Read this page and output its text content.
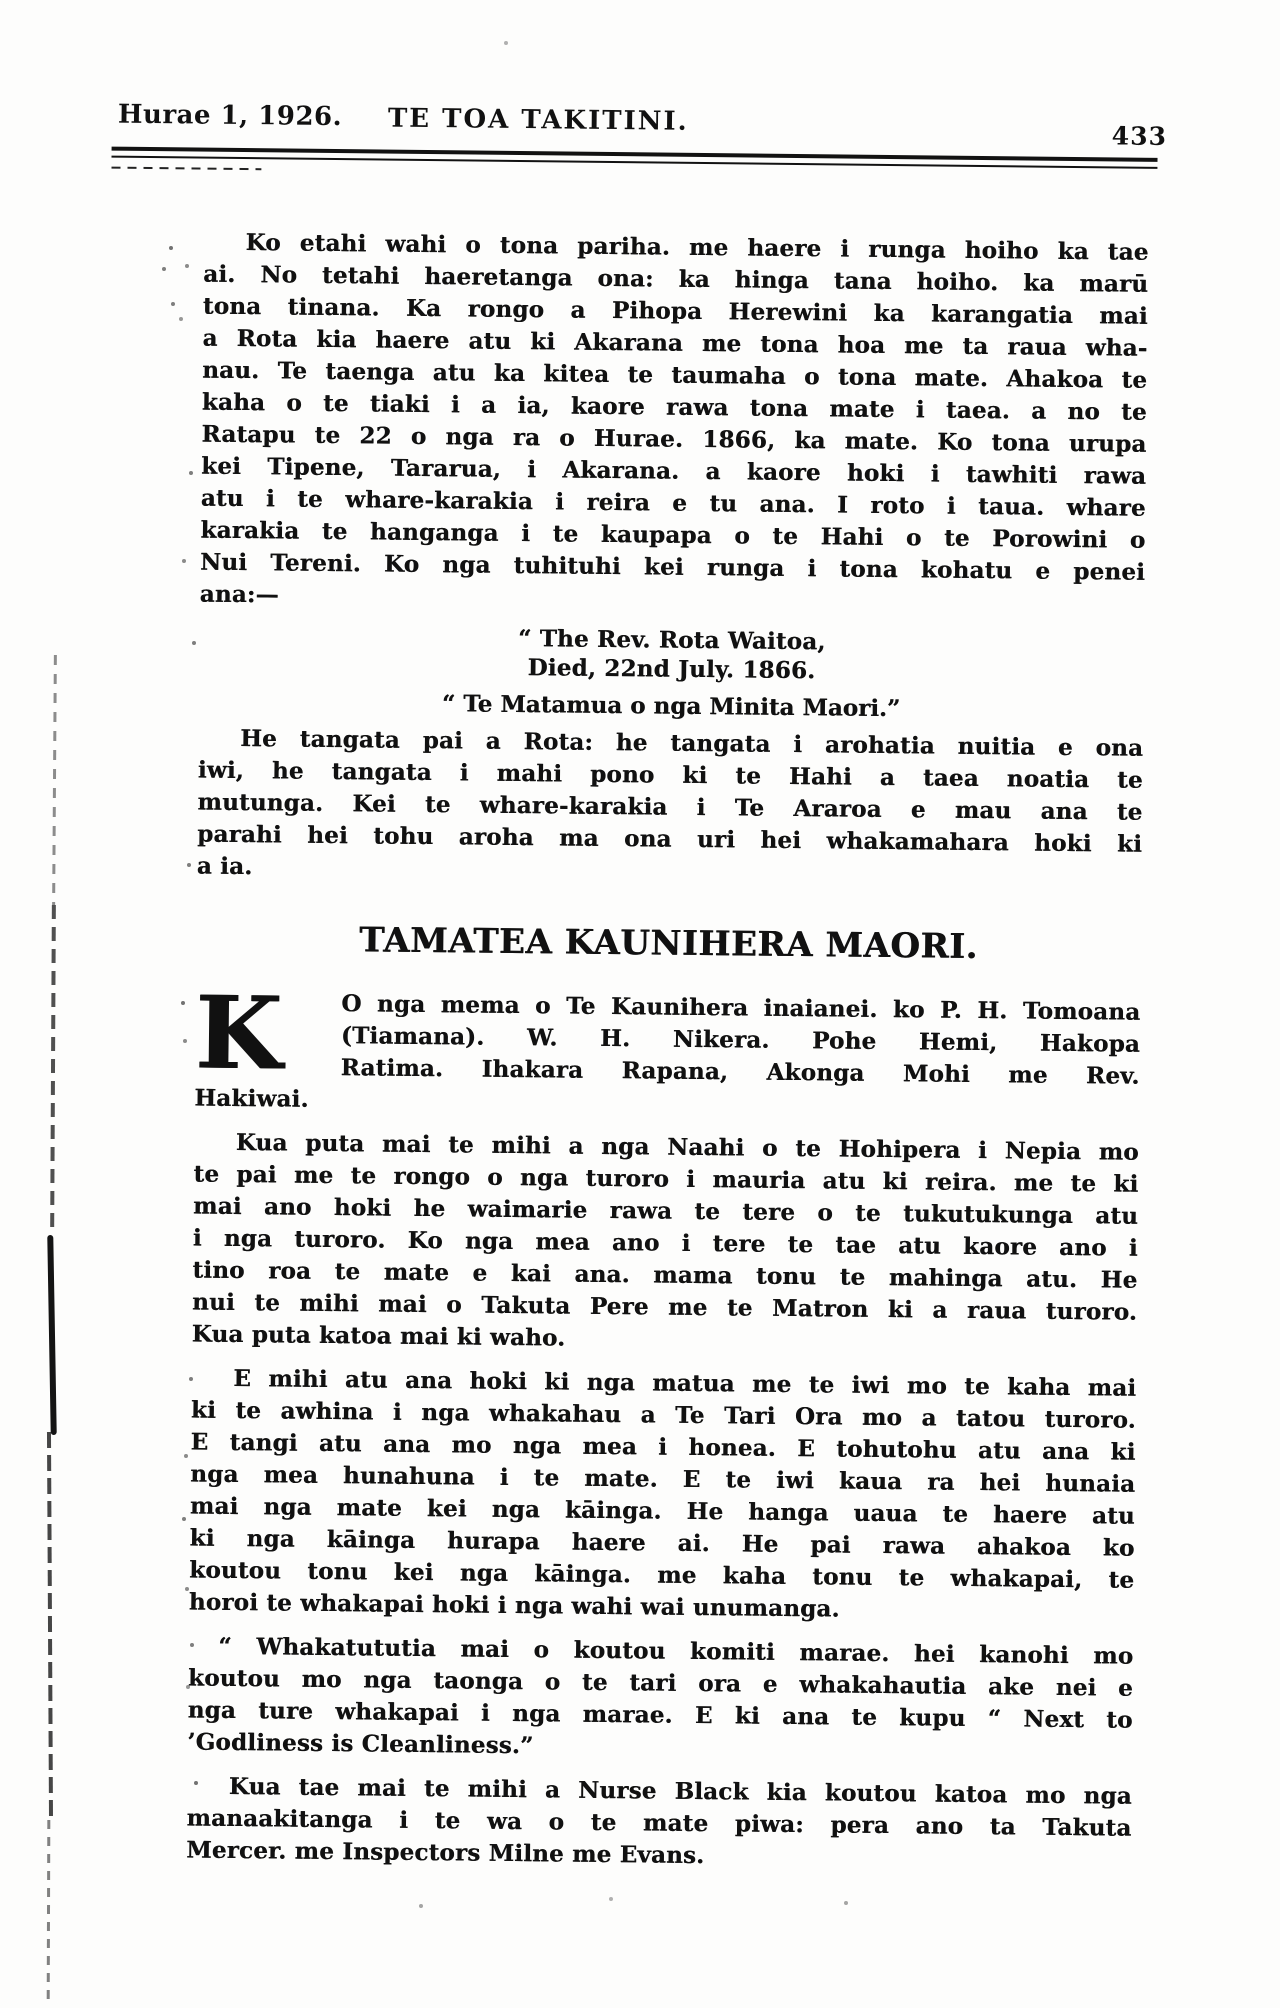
Hurae 1, 1926. TE TOA TAKITINI.	433
Ko etahi wahi o tona pariha. me haere i runga hoiho ka tae
ai. No tetahi haeretanga ona: ka hinga tana hoiho. ka marū
tona tinana. Ka rongo a Pihopa Herewini ka karangatia mai
a Rota kia haere atu ki Akarana me tona hoa me ta raua wha-
nau. Te taenga atu ka kitea te taumaha o tona mate. Ahakoa te
kaha o te tiaki i a ia, kaore rawa tona mate i taea. a no te
Ratapu te 22 o nga ra o Hurae. 1866, ka mate. Ko tona urupa
kei Tipene, Tararua, i Akarana. a kaore hoki i tawhiti rawa
atu i te whare-karakia i reira e tu ana. I roto i taua. whare
karakia te hanganga i te kaupapa o te Hahi o te Porowini o
Nui Tereni. Ko nga tuhituhi kei runga i tona kohatu e penei
ana:—
“ The Rev. Rota Waitoa,
Died, 22nd July. 1866.
“ Te Matamua o nga Minita Maori.”
He tangata pai a Rota: he tangata i arohatia nuitia e ona
iwi, he tangata i mahi pono ki te Hahi a taea noatia te
mutunga. Kei te whare-karakia i Te Araroa e mau ana te
parahi hei tohu aroha ma ona uri hei whakamahara hoki ki
a ia.
TAMATEA KAUNIHERA MAORI.
K	O nga mema o Te Kaunihera inaianei. ko P. H. Tomoana
(Tiamana). W. H. Nikera. Pohe Hemi, Hakopa
Ratima. Ihakara Rapana, Akonga Mohi me Rev.
Hakiwai.
Kua puta mai te mihi a nga Naahi o te Hohipera i Nepia mo
te pai me te rongo o nga turoro i mauria atu ki reira. me te ki
mai ano hoki he waimarie rawa te tere o te tukutukunga atu
i nga turoro. Ko nga mea ano i tere te tae atu kaore ano i
tino roa te mate e kai ana. mama tonu te mahinga atu. He
nui te mihi mai o Takuta Pere me te Matron ki a raua turoro.
Kua puta katoa mai ki waho.
E mihi atu ana hoki ki nga matua me te iwi mo te kaha mai
ki te awhina i nga whakahau a Te Tari Ora mo a tatou turoro.
E tangi atu ana mo nga mea i honea. E tohutohu atu ana ki
nga mea hunahuna i te mate. E te iwi kaua ra hei hunaia
mai nga mate kei nga kāinga. He hanga uaua te haere atu
ki nga kāinga hurapa haere ai. He pai rawa ahakoa ko
koutou tonu kei nga kāinga. me kaha tonu te whakapai, te
horoi te whakapai hoki i nga wahi wai unumanga.
“ Whakatututia mai o koutou komiti marae. hei kanohi mo
koutou mo nga taonga o te tari ora e whakahautia ake nei e
nga ture whakapai i nga marae. E ki ana te kupu “ Next to
’Godliness is Cleanliness.”
Kua tae mai te mihi a Nurse Black kia koutou katoa mo nga
manaakitanga i te wa o te mate piwa: pera ano ta Takuta
Mercer. me Inspectors Milne me Evans.
